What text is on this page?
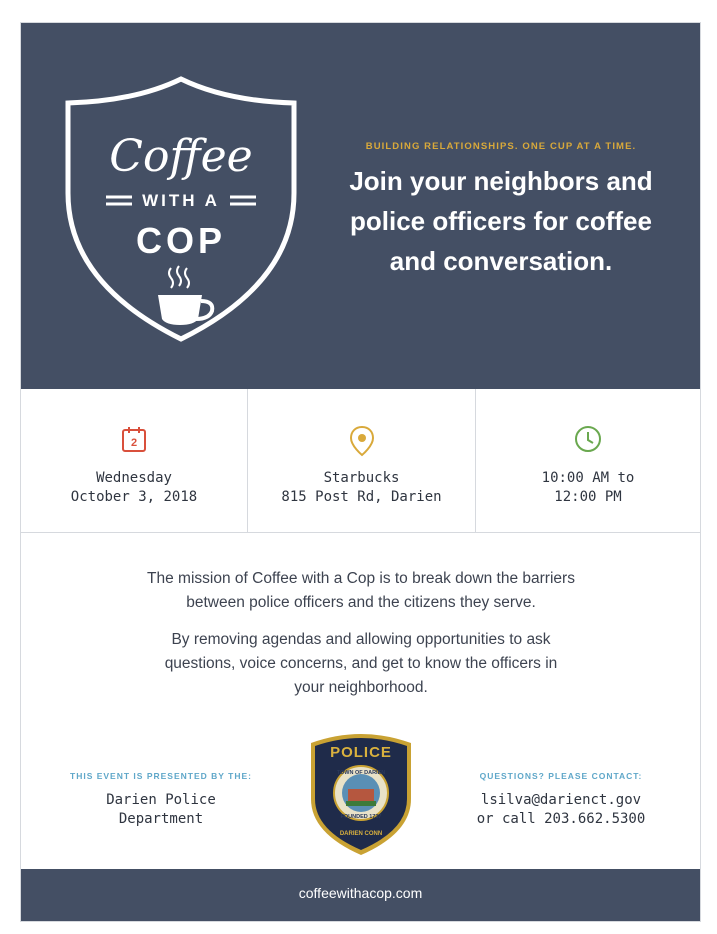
Coffee
WITH A
COP
BUILDING RELATIONSHIPS. ONE CUP AT A TIME.
Join your neighbors and
police officers for coffee
and conversation.
2
Wednesday
October 3, 2018
Starbucks
815 Post Rd, Darien
10:00 AM to
12:00 PM

The mission of Coffee with a Cop is to break down the barriers
between police officers and the citizens they serve.

By removing agendas and allowing opportunities to ask
questions, voice concerns, and get to know the officers in
your neighborhood.

THIS EVENT IS PRESENTED BY THE:
Darien Police
Department
POLICE
TOWN OF DARIEN
FOUNDED 1737
DARIEN CONN
QUESTIONS? PLEASE CONTACT:
lsilva@darienct.gov
or call 203.662.5300
coffeewithacop.com
